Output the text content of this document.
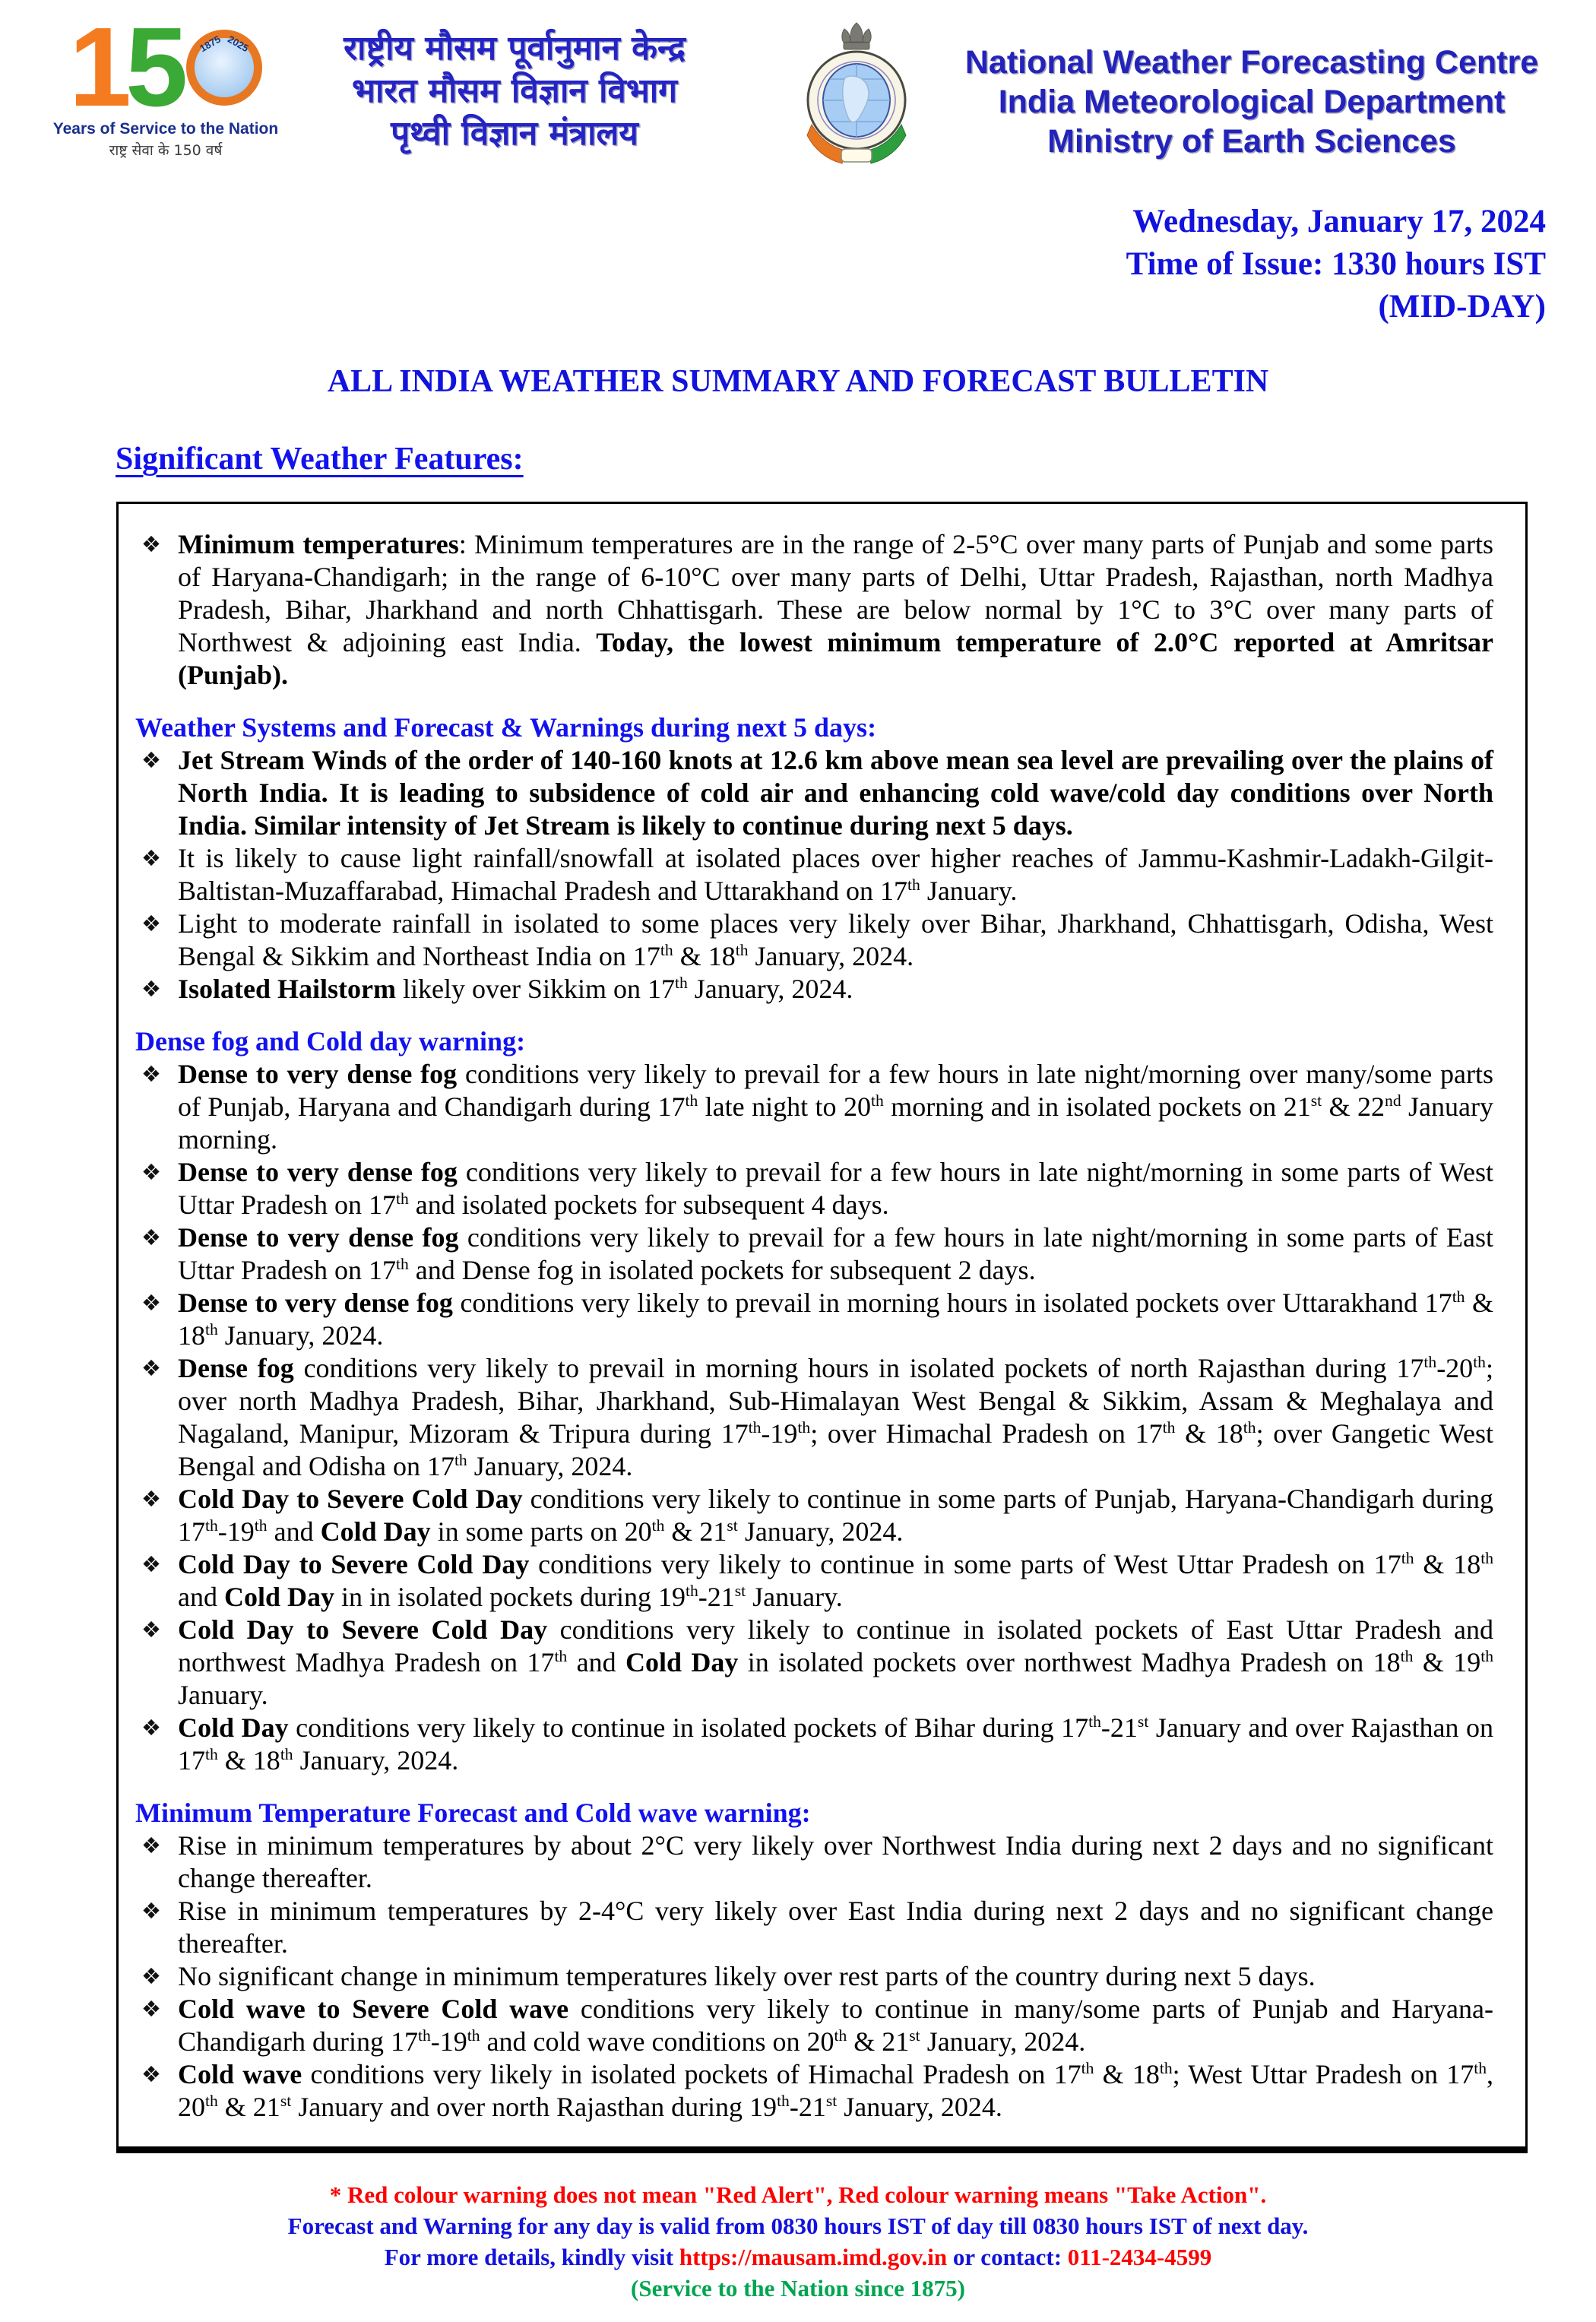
1
5 1875 2025
Years of Service to the Nation
राष्ट्र सेवा के 150 वर्ष
राष्ट्रीय मौसम पूर्वानुमान केन्द्र
भारत मौसम विज्ञान विभाग
पृथ्वी विज्ञान मंत्रालय
National Weather Forecasting Centre
India Meteorological Department
Ministry of Earth Sciences
Wednesday, January 17, 2024
Time of Issue: 1330 hours IST
(MID-DAY)
ALL INDIA WEATHER SUMMARY AND FORECAST BULLETIN
Significant Weather Features:
❖ Minimum temperatures: Minimum temperatures are in the range of 2-5°C over many parts of Punjab and some parts of Haryana-Chandigarh; in the range of 6-10°C over many parts of Delhi, Uttar Pradesh, Rajasthan, north Madhya Pradesh, Bihar, Jharkhand and north Chhattisgarh. These are below normal by 1°C to 3°C over many parts of Northwest & adjoining east India. Today, the lowest minimum temperature of 2.0°C reported at Amritsar (Punjab).
Weather Systems and Forecast & Warnings during next 5 days:
❖ Jet Stream Winds of the order of 140-160 knots at 12.6 km above mean sea level are prevailing over the plains of North India. It is leading to subsidence of cold air and enhancing cold wave/cold day conditions over North India. Similar intensity of Jet Stream is likely to continue during next 5 days.
❖ It is likely to cause light rainfall/snowfall at isolated places over higher reaches of Jammu-Kashmir-Ladakh-Gilgit-Baltistan-Muzaffarabad, Himachal Pradesh and Uttarakhand on 17th January.
❖ Light to moderate rainfall in isolated to some places very likely over Bihar, Jharkhand, Chhattisgarh, Odisha, West Bengal & Sikkim and Northeast India on 17th & 18th January, 2024.
❖ Isolated Hailstorm likely over Sikkim on 17th January, 2024.
Dense fog and Cold day warning:
❖ Dense to very dense fog conditions very likely to prevail for a few hours in late night/morning over many/some parts of Punjab, Haryana and Chandigarh during 17th late night to 20th morning and in isolated pockets on 21st & 22nd January morning.
❖ Dense to very dense fog conditions very likely to prevail for a few hours in late night/morning in some parts of West Uttar Pradesh on 17th and isolated pockets for subsequent 4 days.
❖ Dense to very dense fog conditions very likely to prevail for a few hours in late night/morning in some parts of East Uttar Pradesh on 17th and Dense fog in isolated pockets for subsequent 2 days.
❖ Dense to very dense fog conditions very likely to prevail in morning hours in isolated pockets over Uttarakhand 17th & 18th January, 2024.
❖ Dense fog conditions very likely to prevail in morning hours in isolated pockets of north Rajasthan during 17th-20th; over north Madhya Pradesh, Bihar, Jharkhand, Sub-Himalayan West Bengal & Sikkim, Assam & Meghalaya and Nagaland, Manipur, Mizoram & Tripura during 17th-19th; over Himachal Pradesh on 17th & 18th; over Gangetic West Bengal and Odisha on 17th January, 2024.
❖ Cold Day to Severe Cold Day conditions very likely to continue in some parts of Punjab, Haryana-Chandigarh during 17th-19th and Cold Day in some parts on 20th & 21st January, 2024.
❖ Cold Day to Severe Cold Day conditions very likely to continue in some parts of West Uttar Pradesh on 17th & 18th and Cold Day in in isolated pockets during 19th-21st January.
❖ Cold Day to Severe Cold Day conditions very likely to continue in isolated pockets of East Uttar Pradesh and northwest Madhya Pradesh on 17th and Cold Day in isolated pockets over northwest Madhya Pradesh on 18th & 19th January.
❖ Cold Day conditions very likely to continue in isolated pockets of Bihar during 17th-21st January and over Rajasthan on 17th & 18th January, 2024.
Minimum Temperature Forecast and Cold wave warning:
❖ Rise in minimum temperatures by about 2°C very likely over Northwest India during next 2 days and no significant change thereafter.
❖ Rise in minimum temperatures by 2-4°C very likely over East India during next 2 days and no significant change thereafter.
❖ No significant change in minimum temperatures likely over rest parts of the country during next 5 days.
❖ Cold wave to Severe Cold wave conditions very likely to continue in many/some parts of Punjab and Haryana-Chandigarh during 17th-19th and cold wave conditions on 20th & 21st January, 2024.
❖ Cold wave conditions very likely in isolated pockets of Himachal Pradesh on 17th & 18th; West Uttar Pradesh on 17th, 20th & 21st January and over north Rajasthan during 19th-21st January, 2024.
* Red colour warning does not mean "Red Alert", Red colour warning means "Take Action".
Forecast and Warning for any day is valid from 0830 hours IST of day till 0830 hours IST of next day.
For more details, kindly visit https://mausam.imd.gov.in or contact: 011-2434-4599
(Service to the Nation since 1875)
